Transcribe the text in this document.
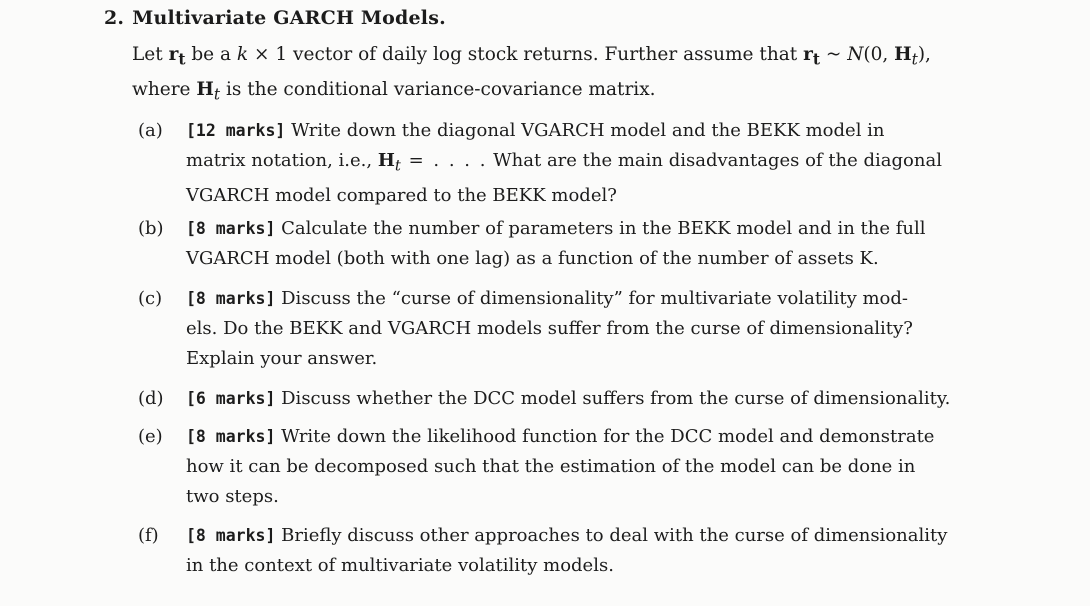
2. Multivariate GARCH Models.
Let $r_t$ be a k × 1 vector of daily log stock returns. Further assume that $r_t$ ~ N(0, $H_t$),
where $H_t$ is the conditional variance-covariance matrix.
(a) [12 marks] Write down the diagonal VGARCH model and the BEKK model in
matrix notation, i.e., $H_t$ = . . . . What are the main disadvantages of the diagonal
VGARCH model compared to the BEKK model?
(b) [8 marks] Calculate the number of parameters in the BEKK model and in the full
VGARCH model (both with one lag) as a function of the number of assets K.
(c) [8 marks] Discuss the “curse of dimensionality” for multivariate volatility mod-
els. Do the BEKK and VGARCH models suffer from the curse of dimensionality?
Explain your answer.
(d) [6 marks] Discuss whether the DCC model suffers from the curse of dimensionality.
(e) [8 marks] Write down the likelihood function for the DCC model and demonstrate
how it can be decomposed such that the estimation of the model can be done in
two steps.
(f) [8 marks] Briefly discuss other approaches to deal with the curse of dimensionality
in the context of multivariate volatility models.
